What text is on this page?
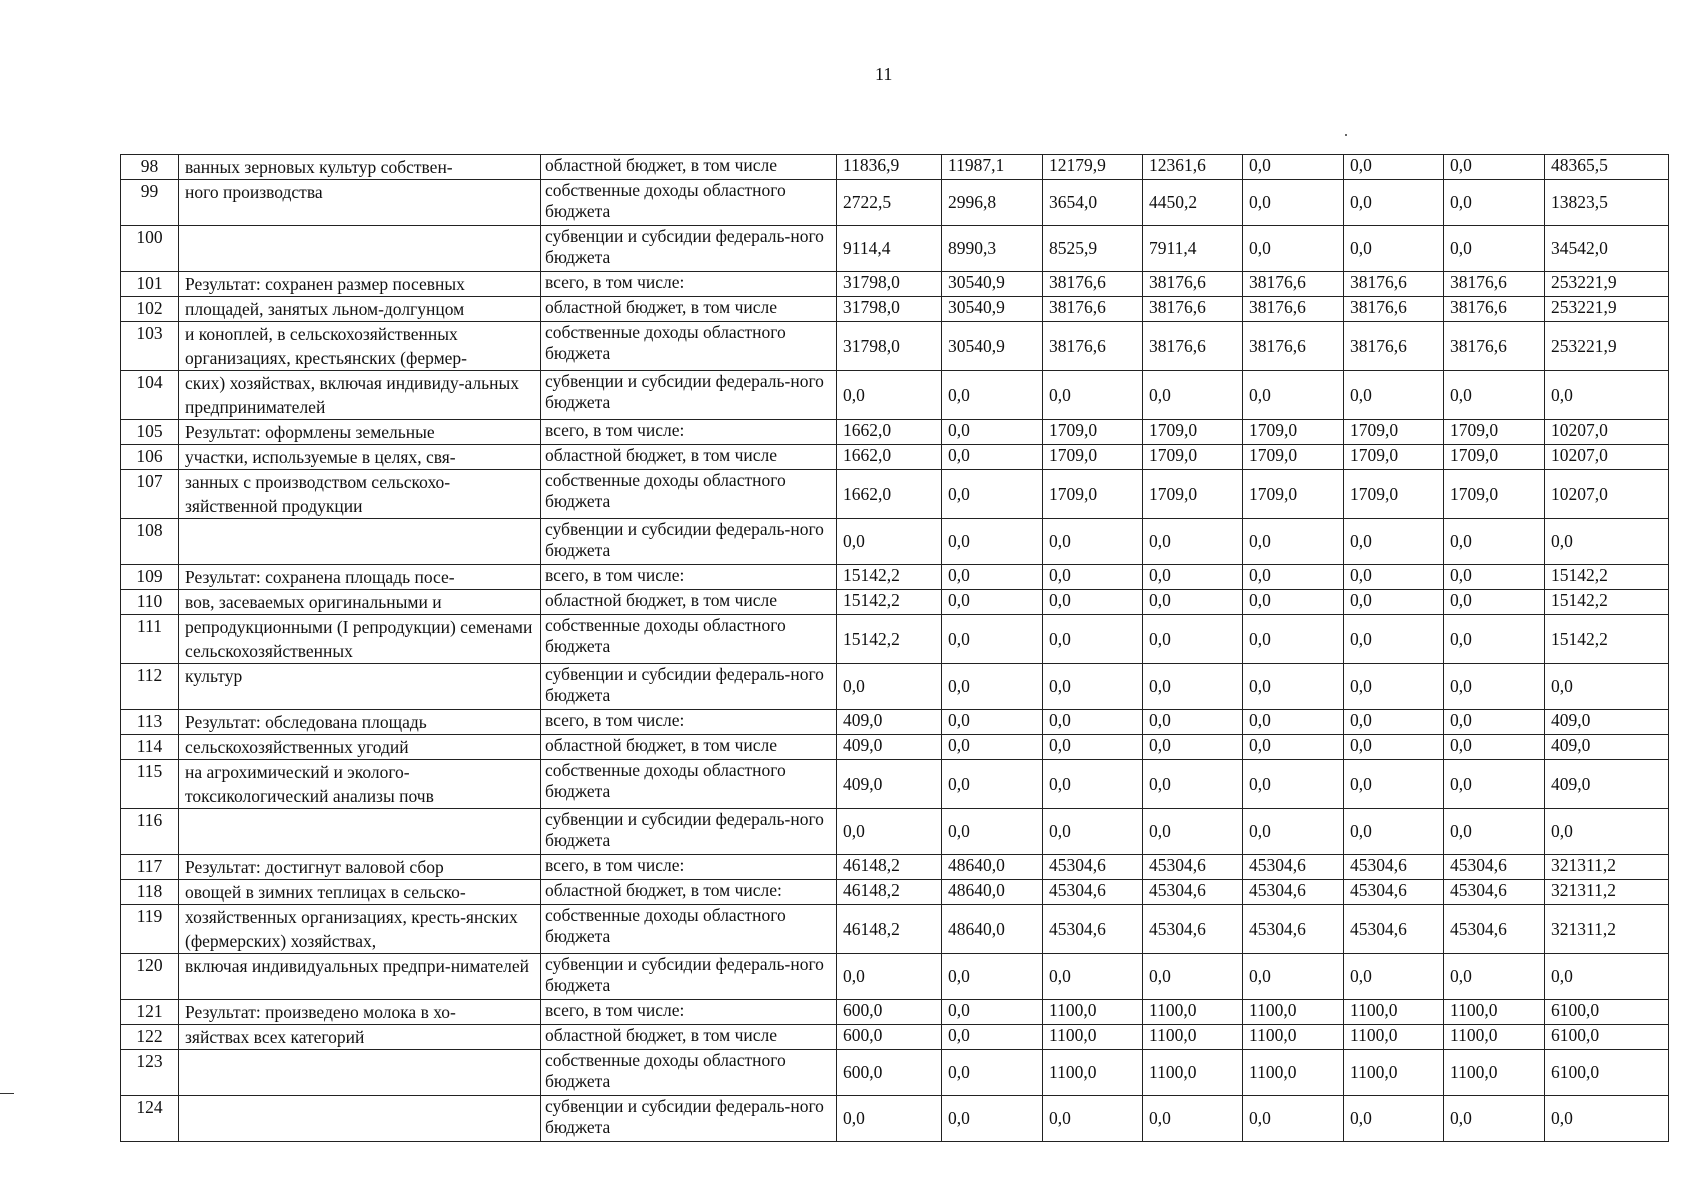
11
98	ванных зерновых культур собствен-	областной бюджет, в том числе	11836,9	11987,1	12179,9	12361,6	0,0	0,0	0,0	48365,5
99	ного производства	собственные доходы областного бюджета	2722,5	2996,8	3654,0	4450,2	0,0	0,0	0,0	13823,5
100		субвенции и субсидии федераль-ного бюджета	9114,4	8990,3	8525,9	7911,4	0,0	0,0	0,0	34542,0
101	Результат: сохранен размер посевных	всего, в том числе:	31798,0	30540,9	38176,6	38176,6	38176,6	38176,6	38176,6	253221,9
102	площадей, занятых льном-долгунцом	областной бюджет, в том числе	31798,0	30540,9	38176,6	38176,6	38176,6	38176,6	38176,6	253221,9
103	и коноплей, в сельскохозяйственных организациях, крестьянских (фермер-	собственные доходы областного бюджета	31798,0	30540,9	38176,6	38176,6	38176,6	38176,6	38176,6	253221,9
104	ских) хозяйствах, включая индивиду-альных предпринимателей	субвенции и субсидии федераль-ного бюджета	0,0	0,0	0,0	0,0	0,0	0,0	0,0	0,0
105	Результат: оформлены земельные	всего, в том числе:	1662,0	0,0	1709,0	1709,0	1709,0	1709,0	1709,0	10207,0
106	участки, используемые в целях, свя-	областной бюджет, в том числе	1662,0	0,0	1709,0	1709,0	1709,0	1709,0	1709,0	10207,0
107	занных с производством сельскохо-зяйственной продукции	собственные доходы областного бюджета	1662,0	0,0	1709,0	1709,0	1709,0	1709,0	1709,0	10207,0
108		субвенции и субсидии федераль-ного бюджета	0,0	0,0	0,0	0,0	0,0	0,0	0,0	0,0
109	Результат: сохранена площадь посе-	всего, в том числе:	15142,2	0,0	0,0	0,0	0,0	0,0	0,0	15142,2
110	вов, засеваемых оригинальными и	областной бюджет, в том числе	15142,2	0,0	0,0	0,0	0,0	0,0	0,0	15142,2
111	репродукционными (I репродукции) семенами сельскохозяйственных	собственные доходы областного бюджета	15142,2	0,0	0,0	0,0	0,0	0,0	0,0	15142,2
112	культур	субвенции и субсидии федераль-ного бюджета	0,0	0,0	0,0	0,0	0,0	0,0	0,0	0,0
113	Результат: обследована площадь	всего, в том числе:	409,0	0,0	0,0	0,0	0,0	0,0	0,0	409,0
114	сельскохозяйственных угодий	областной бюджет, в том числе	409,0	0,0	0,0	0,0	0,0	0,0	0,0	409,0
115	на агрохимический и эколого-токсикологический анализы почв	собственные доходы областного бюджета	409,0	0,0	0,0	0,0	0,0	0,0	0,0	409,0
116		субвенции и субсидии федераль-ного бюджета	0,0	0,0	0,0	0,0	0,0	0,0	0,0	0,0
117	Результат: достигнут валовой сбор	всего, в том числе:	46148,2	48640,0	45304,6	45304,6	45304,6	45304,6	45304,6	321311,2
118	овощей в зимних теплицах в сельско-	областной бюджет, в том числе:	46148,2	48640,0	45304,6	45304,6	45304,6	45304,6	45304,6	321311,2
119	хозяйственных организациях, кресть-янских (фермерских) хозяйствах,	собственные доходы областного бюджета	46148,2	48640,0	45304,6	45304,6	45304,6	45304,6	45304,6	321311,2
120	включая индивидуальных предпри-нимателей	субвенции и субсидии федераль-ного бюджета	0,0	0,0	0,0	0,0	0,0	0,0	0,0	0,0
121	Результат: произведено молока в хо-	всего, в том числе:	600,0	0,0	1100,0	1100,0	1100,0	1100,0	1100,0	6100,0
122	зяйствах всех категорий	областной бюджет, в том числе	600,0	0,0	1100,0	1100,0	1100,0	1100,0	1100,0	6100,0
123		собственные доходы областного бюджета	600,0	0,0	1100,0	1100,0	1100,0	1100,0	1100,0	6100,0
124		субвенции и субсидии федераль-ного бюджета	0,0	0,0	0,0	0,0	0,0	0,0	0,0	0,0
